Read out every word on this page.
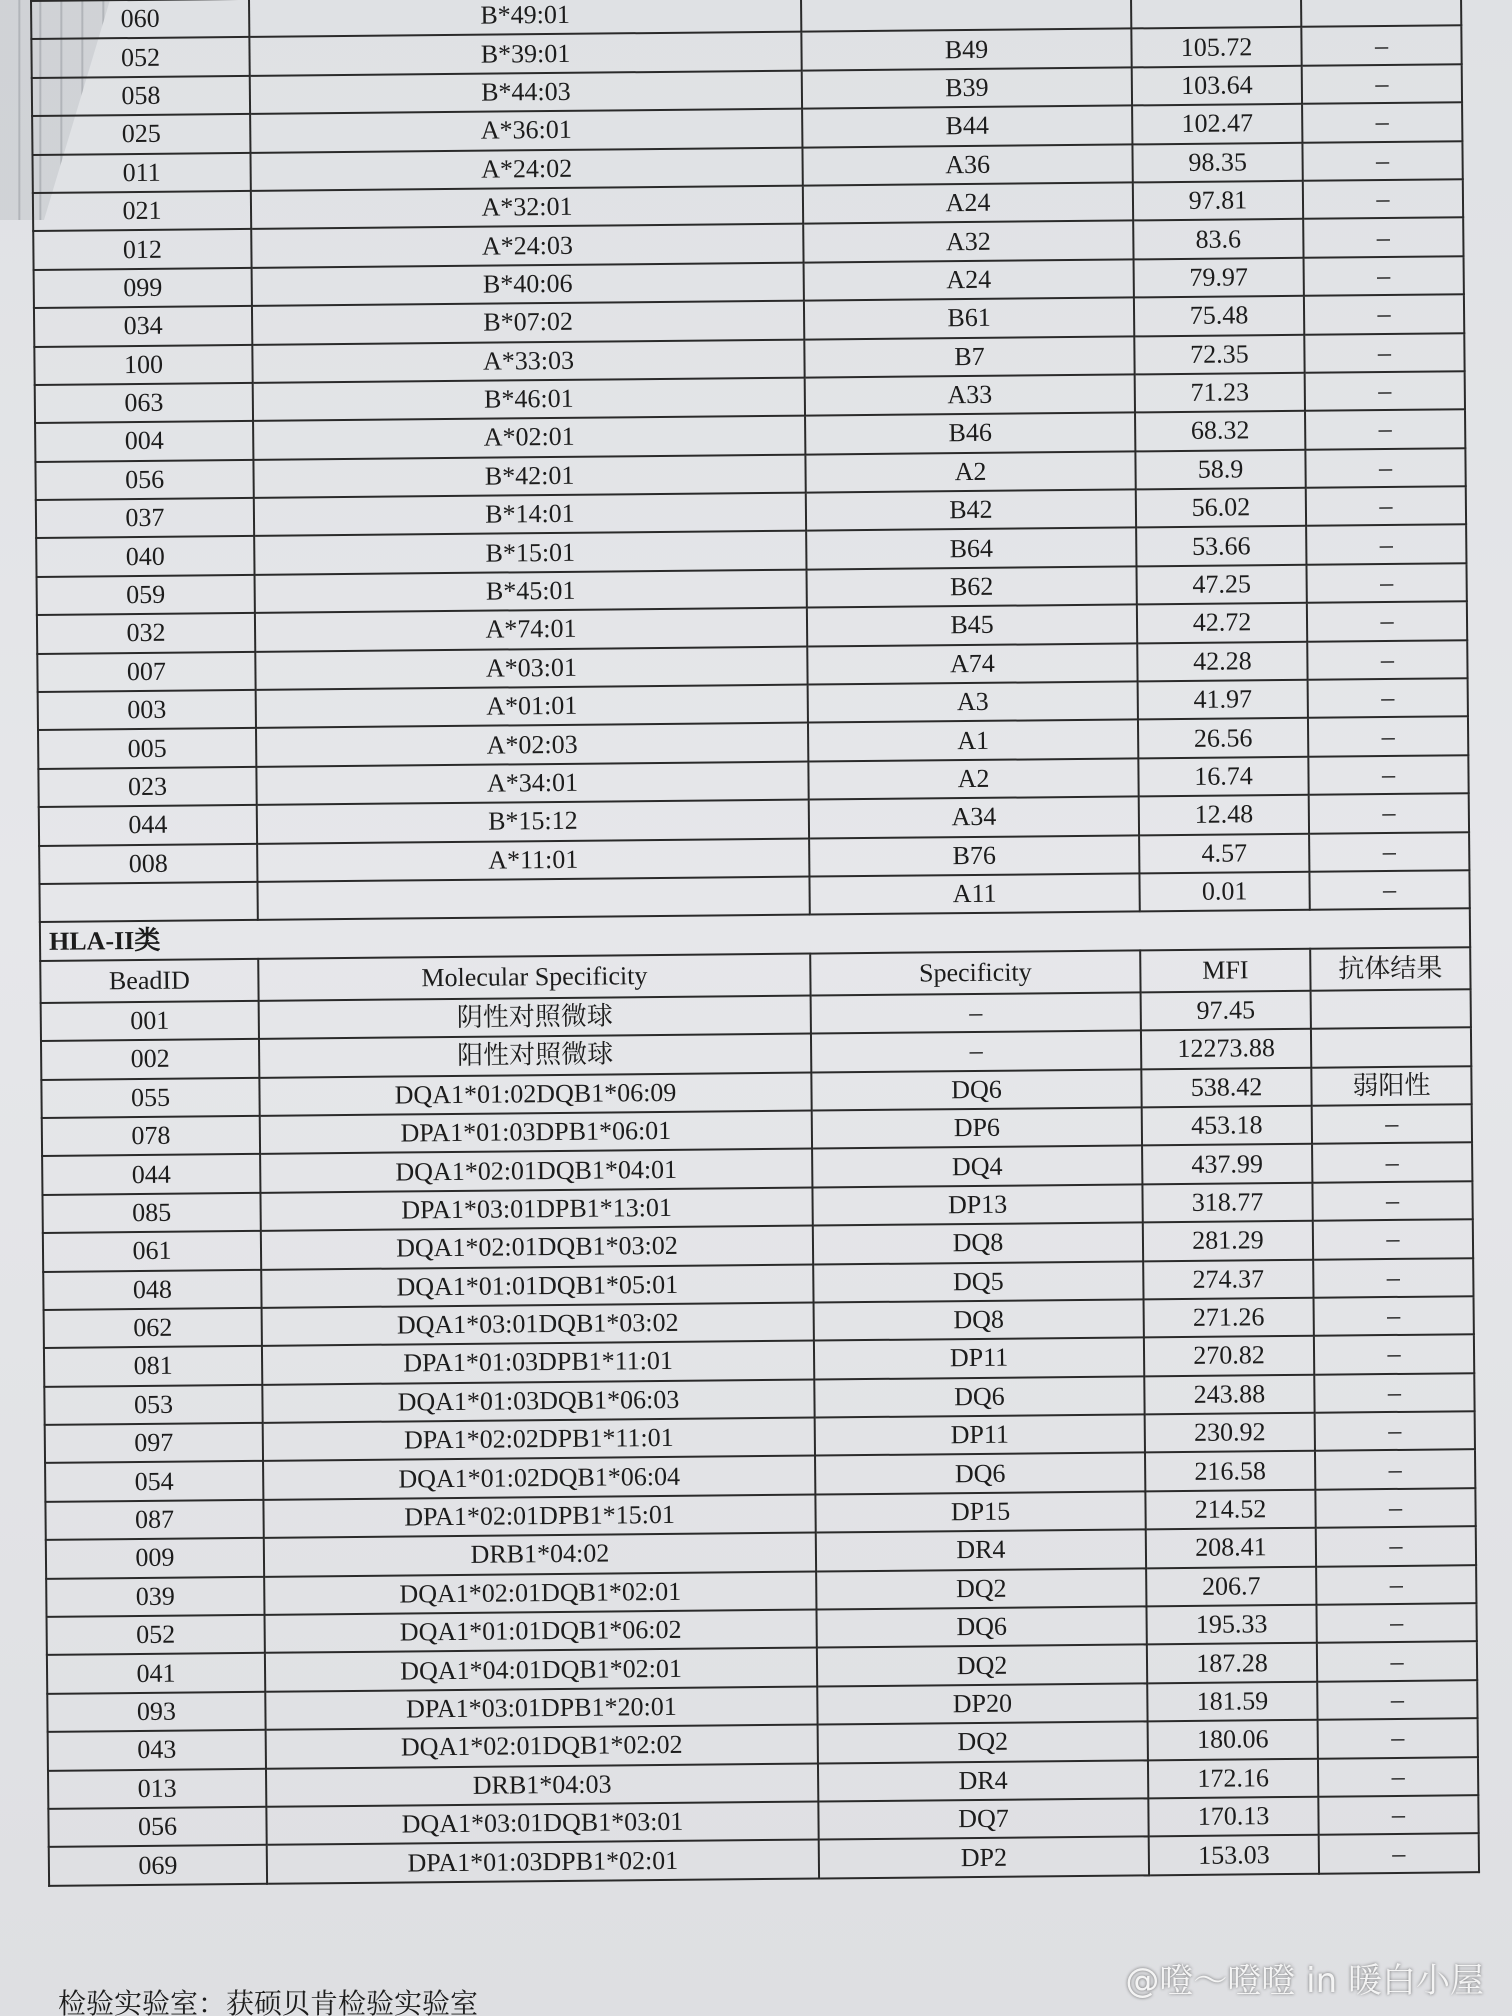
060	B*49:01			
052	B*39:01	B49	105.72	–
058	B*44:03	B39	103.64	–
025	A*36:01	B44	102.47	–
011	A*24:02	A36	98.35	–
021	A*32:01	A24	97.81	–
012	A*24:03	A32	83.6	–
099	B*40:06	A24	79.97	–
034	B*07:02	B61	75.48	–
100	A*33:03	B7	72.35	–
063	B*46:01	A33	71.23	–
004	A*02:01	B46	68.32	–
056	B*42:01	A2	58.9	–
037	B*14:01	B42	56.02	–
040	B*15:01	B64	53.66	–
059	B*45:01	B62	47.25	–
032	A*74:01	B45	42.72	–
007	A*03:01	A74	42.28	–
003	A*01:01	A3	41.97	–
005	A*02:03	A1	26.56	–
023	A*34:01	A2	16.74	–
044	B*15:12	A34	12.48	–
008	A*11:01	B76	4.57	–
		A11	0.01	–
HLA-II类				
BeadID	Molecular Specificity	Specificity	MFI	抗体结果
001	阴性对照微球	–	97.45	
002	阳性对照微球	–	12273.88	
055	DQA1*01:02DQB1*06:09	DQ6	538.42	弱阳性
078	DPA1*01:03DPB1*06:01	DP6	453.18	–
044	DQA1*02:01DQB1*04:01	DQ4	437.99	–
085	DPA1*03:01DPB1*13:01	DP13	318.77	–
061	DQA1*02:01DQB1*03:02	DQ8	281.29	–
048	DQA1*01:01DQB1*05:01	DQ5	274.37	–
062	DQA1*03:01DQB1*03:02	DQ8	271.26	–
081	DPA1*01:03DPB1*11:01	DP11	270.82	–
053	DQA1*01:03DQB1*06:03	DQ6	243.88	–
097	DPA1*02:02DPB1*11:01	DP11	230.92	–
054	DQA1*01:02DQB1*06:04	DQ6	216.58	–
087	DPA1*02:01DPB1*15:01	DP15	214.52	–
009	DRB1*04:02	DR4	208.41	–
039	DQA1*02:01DQB1*02:01	DQ2	206.7	–
052	DQA1*01:01DQB1*06:02	DQ6	195.33	–
041	DQA1*04:01DQB1*02:01	DQ2	187.28	–
093	DPA1*03:01DPB1*20:01	DP20	181.59	–
043	DQA1*02:01DQB1*02:02	DQ2	180.06	–
013	DRB1*04:03	DR4	172.16	–
056	DQA1*03:01DQB1*03:01	DQ7	170.13	–
069	DPA1*01:03DPB1*02:01	DP2	153.03	–
检验实验室：获硕贝肯检验实验室
@噔～噔噔 in 暖白小屋
